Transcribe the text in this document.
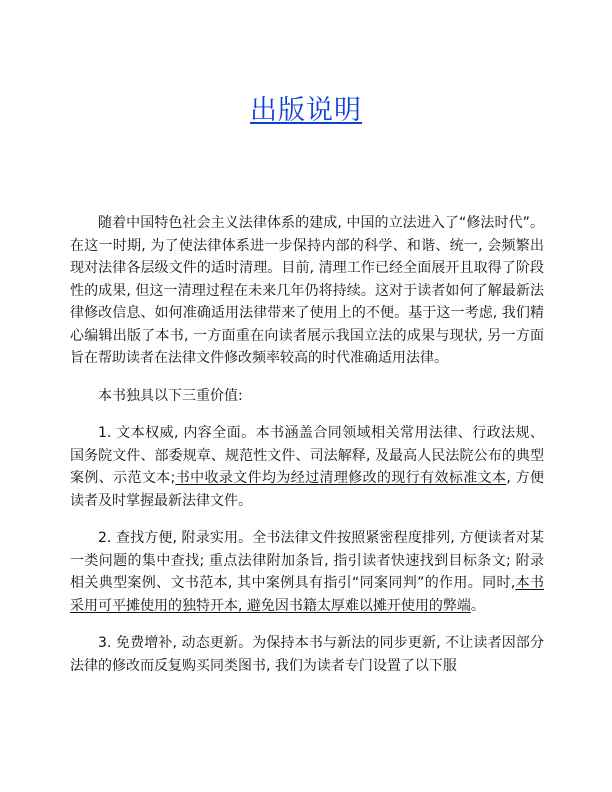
出版说明

随着中国特色社会主义法律体系的建成, 中国的立法进入了“修法时代”。在这一时期, 为了使法律体系进一步保持内部的科学、和谐、统一, 会频繁出现对法律各层级文件的适时清理。目前, 清理工作已经全面展开且取得了阶段性的成果, 但这一清理过程在未来几年仍将持续。这对于读者如何了解最新法律修改信息、如何准确适用法律带来了使用上的不便。基于这一考虑, 我们精心编辑出版了本书, 一方面重在向读者展示我国立法的成果与现状, 另一方面旨在帮助读者在法律文件修改频率较高的时代准确适用法律。

本书独具以下三重价值:

1. 文本权威, 内容全面。本书涵盖合同领域相关常用法律、行政法规、国务院文件、部委规章、规范性文件、司法解释, 及最高人民法院公布的典型案例、示范文本;书中收录文件均为经过清理修改的现行有效标准文本, 方便读者及时掌握最新法律文件。

2. 查找方便, 附录实用。全书法律文件按照紧密程度排列, 方便读者对某一类问题的集中查找; 重点法律附加条旨, 指引读者快速找到目标条文; 附录相关典型案例、文书范本, 其中案例具有指引“同案同判”的作用。同时,本书采用可平摊使用的独特开本, 避免因书籍太厚难以摊开使用的弊端。

3. 免费增补, 动态更新。为保持本书与新法的同步更新, 不让读者因部分法律的修改而反复购买同类图书, 我们为读者专门设置了以下服
